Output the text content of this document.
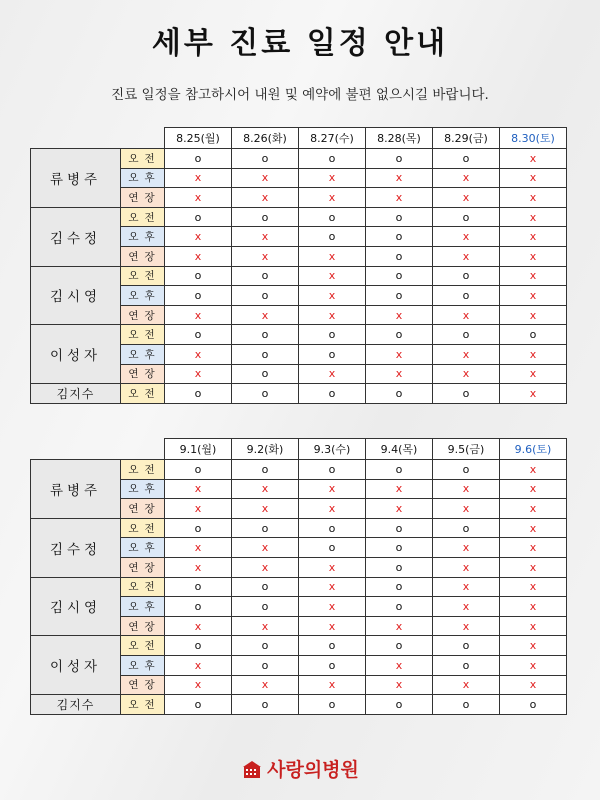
세부 진료 일정 안내
진료 일정을 참고하시어 내원 및 예약에 불편 없으시길 바랍니다.
		8.25(월)	8.26(화)	8.27(수)	8.28(목)	8.29(금)	8.30(토)
류병주	오전	o	o	o	o	o	x
	오후	x	x	x	x	x	x
	연장	x	x	x	x	x	x
김수정	오전	o	o	o	o	o	x
	오후	x	x	o	o	x	x
	연장	x	x	x	o	x	x
김시영	오전	o	o	x	o	o	x
	오후	o	o	x	o	o	x
	연장	x	x	x	x	x	x
이성자	오전	o	o	o	o	o	o
	오후	x	o	o	x	x	x
	연장	x	o	x	x	x	x
김지수	오전	o	o	o	o	o	x
		9.1(월)	9.2(화)	9.3(수)	9.4(목)	9.5(금)	9.6(토)
류병주	오전	o	o	o	o	o	x
	오후	x	x	x	x	x	x
	연장	x	x	x	x	x	x
김수정	오전	o	o	o	o	o	x
	오후	x	x	o	o	x	x
	연장	x	x	x	o	x	x
김시영	오전	o	o	x	o	x	x
	오후	o	o	x	o	x	x
	연장	x	x	x	x	x	x
이성자	오전	o	o	o	o	o	x
	오후	x	o	o	x	o	x
	연장	x	x	x	x	x	x
김지수	오전	o	o	o	o	o	o
사랑의병원
